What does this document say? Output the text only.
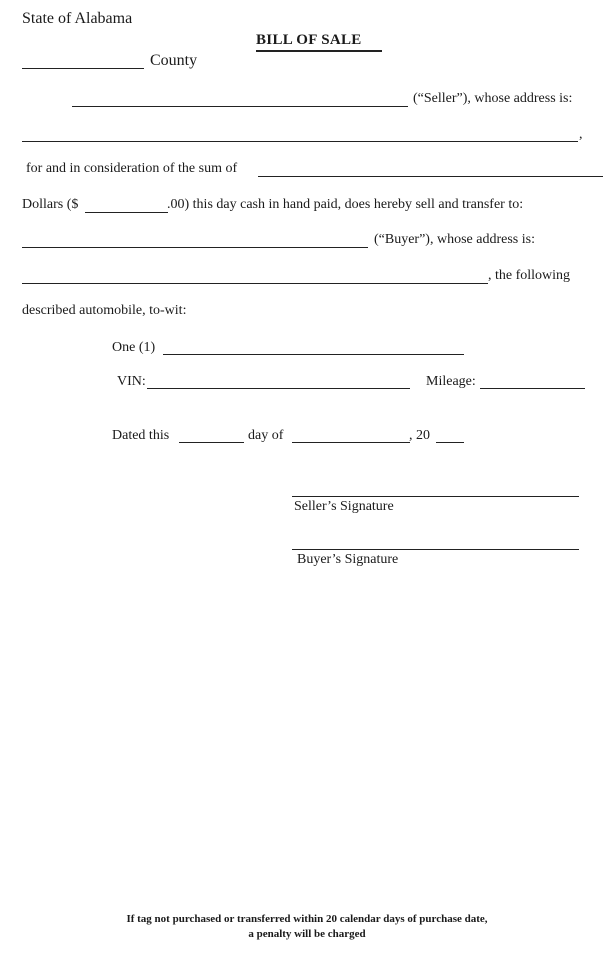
State of Alabama
BILL OF SALE
County
(“Seller”), whose address is:
,
for and in consideration of the sum of
Dollars ($	.00) this day cash in hand paid, does hereby sell and transfer to:
(“Buyer”), whose address is:
, the following
described automobile, to-wit:
One (1)
VIN:	Mileage:
Dated this	day of	, 20
Seller’s Signature
Buyer’s Signature
If tag not purchased or transferred within 20 calendar days of purchase date,
a penalty will be charged
